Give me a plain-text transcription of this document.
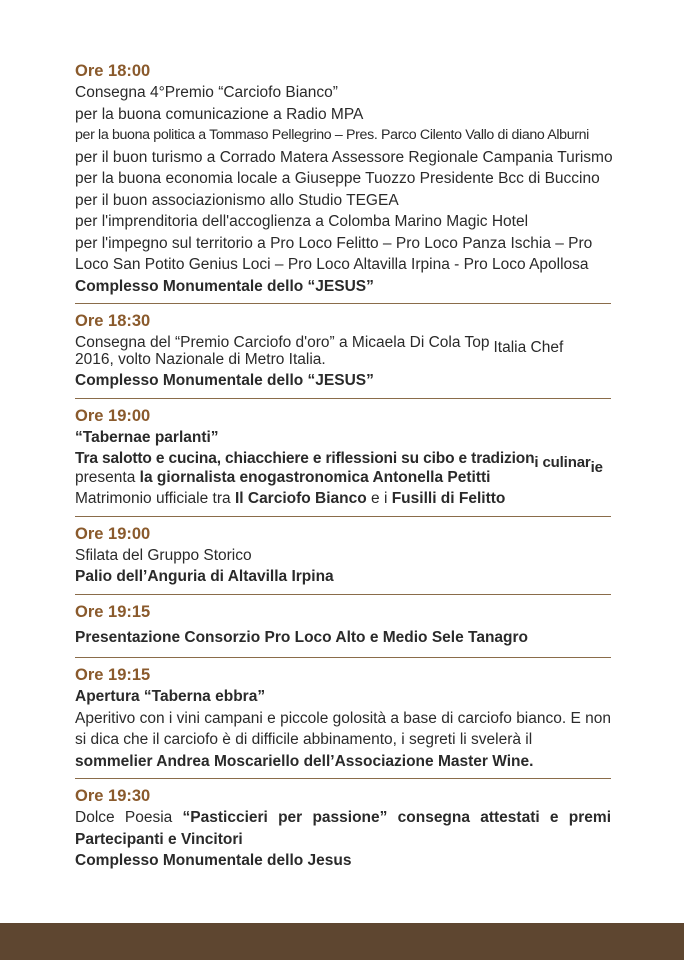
Ore 18:00
Consegna 4°Premio “Carciofo Bianco”
per la buona comunicazione a Radio MPA
per la buona politica a Tommaso Pellegrino – Pres. Parco Cilento Vallo di diano Alburni
per il buon turismo a Corrado Matera Assessore Regionale Campania Turismo
per la buona economia locale a Giuseppe Tuozzo Presidente Bcc di Buccino
per il buon associazionismo allo Studio TEGEA
per l'imprenditoria dell'accoglienza a Colomba Marino Magic Hotel
per l'impegno sul territorio a Pro Loco Felitto – Pro Loco Panza Ischia – Pro
Loco San Potito Genius Loci – Pro Loco Altavilla Irpina - Pro Loco Apollosa
Complesso Monumentale dello “JESUS”
Ore 18:30
Consegna del “Premio Carciofo d'oro” a Micaela Di Cola Top Italia Chef
2016, volto Nazionale di Metro Italia.
Complesso Monumentale dello “JESUS”
Ore 19:00
“Tabernae parlanti”
Tra salotto e cucina, chiacchiere e riflessioni su cibo e tradizioni culinarie
presenta la giornalista enogastronomica Antonella Petitti
Matrimonio ufficiale tra Il Carciofo Bianco e i Fusilli di Felitto
Ore 19:00
Sfilata del Gruppo Storico
Palio dell’Anguria di Altavilla Irpina
Ore 19:15
Presentazione Consorzio Pro Loco Alto e Medio Sele Tanagro
Ore 19:15
Apertura “Taberna ebbra”
Aperitivo con i vini campani e piccole golosità a base di carciofo bianco. E non si dica che il carciofo è di difficile abbinamento, i segreti li svelerà il
sommelier Andrea Moscariello dell’Associazione Master Wine.
Ore 19:30
Dolce Poesia “Pasticcieri per passione” consegna attestati e premi Partecipanti e Vincitori
Complesso Monumentale dello Jesus
